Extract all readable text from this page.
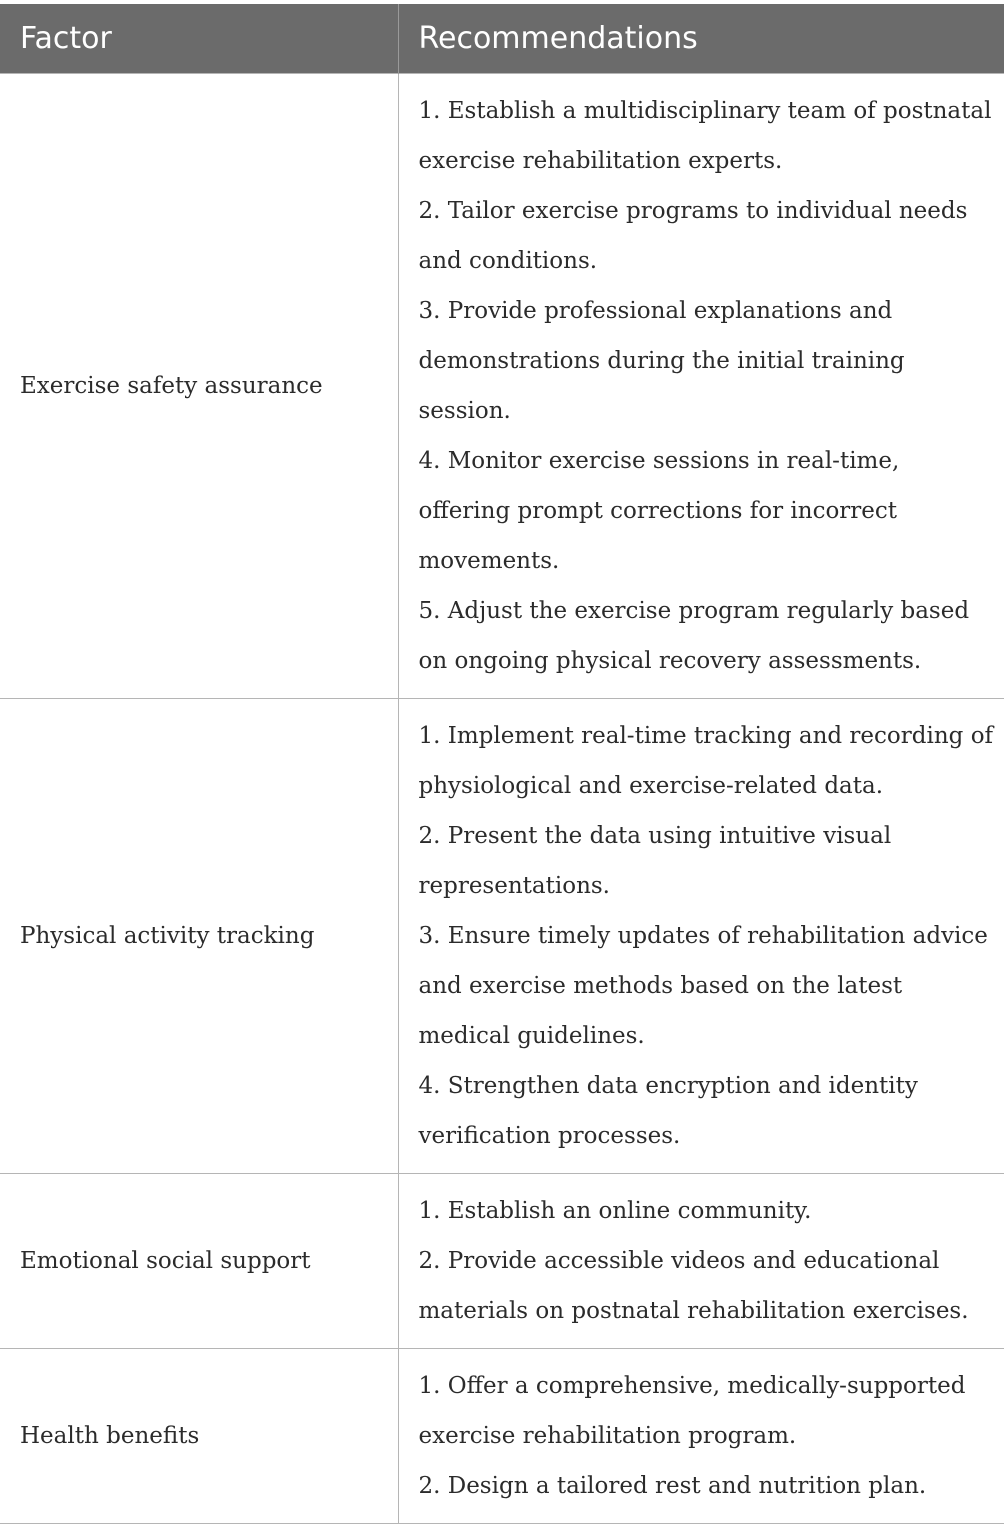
Factor	Recommendations
Exercise safety assurance	1. Establish a multidisciplinary team of postnatal exercise rehabilitation experts.
2. Tailor exercise programs to individual needs and conditions.
3. Provide professional explanations and demonstrations during the initial training session.
4. Monitor exercise sessions in real-time, offering prompt corrections for incorrect movements.
5. Adjust the exercise program regularly based on ongoing physical recovery assessments.

Physical activity tracking	1. Implement real-time tracking and recording of physiological and exercise-related data.
2. Present the data using intuitive visual representations.
3. Ensure timely updates of rehabilitation advice and exercise methods based on the latest medical guidelines.
4. Strengthen data encryption and identity verification processes.

Emotional social support	1. Establish an online community.
2. Provide accessible videos and educational materials on postnatal rehabilitation exercises.

Health benefits	1. Offer a comprehensive, medically-supported exercise rehabilitation program.
2. Design a tailored rest and nutrition plan.
